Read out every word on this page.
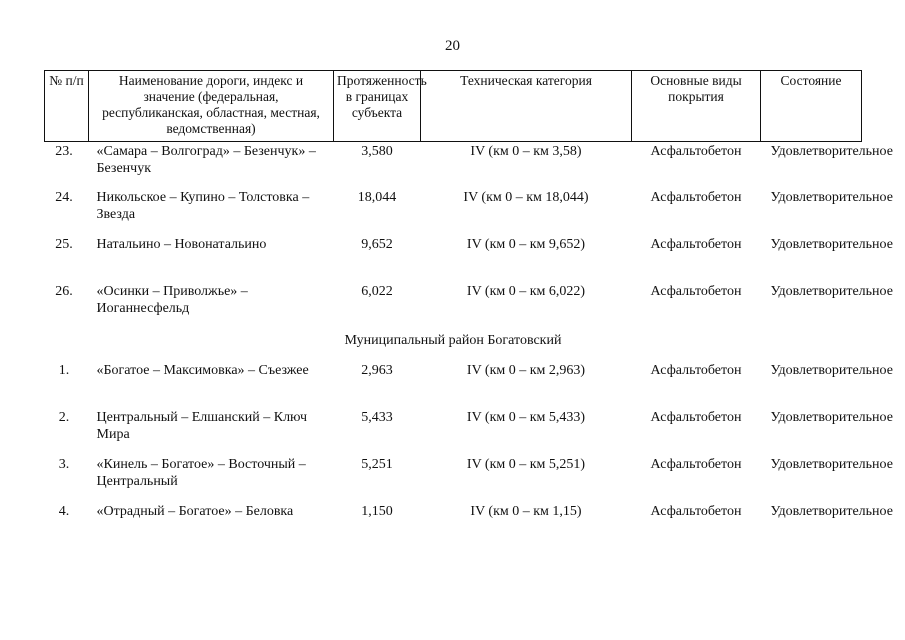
20
№ п/п	Наименование дороги, индекс и значение (федеральная, республиканская, областная, местная, ведомственная)	Протяженность в границах субъекта	Техническая категория	Основные виды покрытия	Состояние
23.	«Самара – Волгоград» – Безенчук» – Безенчук	3,580	IV (км 0 – км 3,58)	Асфальтобетон	Удовлетворительное
24.	Никольское – Купино – Толстовка – Звезда	18,044	IV (км 0 – км 18,044)	Асфальтобетон	Удовлетворительное
25.	Натальино – Новонатальино	9,652	IV (км 0 – км 9,652)	Асфальтобетон	Удовлетворительное
26.	«Осинки – Приволжье» – Иоганнесфельд	6,022	IV (км 0 – км 6,022)	Асфальтобетон	Удовлетворительное
Муниципальный район Богатовский					
1.	«Богатое – Максимовка» – Съезжее	2,963	IV (км 0 – км 2,963)	Асфальтобетон	Удовлетворительное
2.	Центральный – Елшанский – Ключ Мира	5,433	IV (км 0 – км 5,433)	Асфальтобетон	Удовлетворительное
3.	«Кинель – Богатое» – Восточный – Центральный	5,251	IV (км 0 – км 5,251)	Асфальтобетон	Удовлетворительное
4.	«Отрадный – Богатое» – Беловка	1,150	IV (км 0 – км 1,15)	Асфальтобетон	Удовлетворительное
